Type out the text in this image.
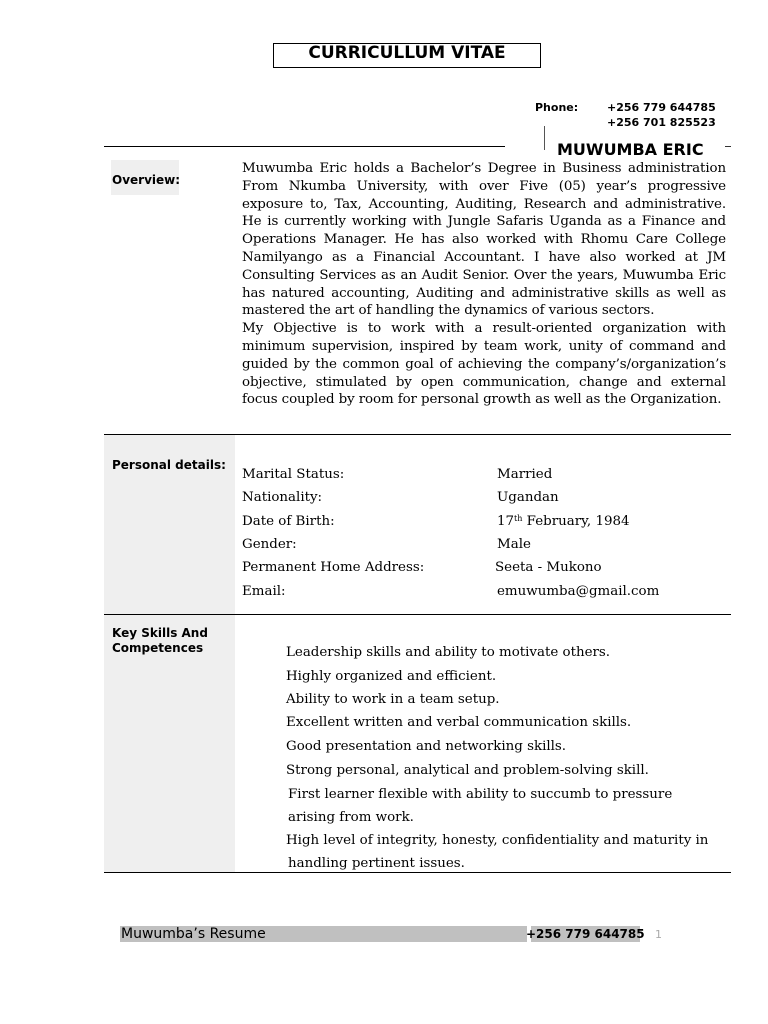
CURRICULLUM VITAE
Phone:	+256 779 644785
+256 701 825523
MUWUMBA ERIC
Overview:

Muwumba Eric holds a Bachelor’s Degree in Business administration From Nkumba University, with over Five (05) year’s progressive exposure to, Tax, Accounting, Auditing, Research and administrative. He is currently working with Jungle Safaris Uganda as a Finance and Operations Manager. He has also worked with Rhomu Care College Namilyango as a Financial Accountant. I have also worked at JM Consulting Services as an Audit Senior. Over the years, Muwumba Eric has natured accounting, Auditing and administrative skills as well as mastered the art of handling the dynamics of various sectors.

My Objective is to work with a result-oriented organization with minimum supervision, inspired by team work, unity of command and guided by the common goal of achieving the company’s/organization’s objective, stimulated by open communication, change and external focus coupled by room for personal growth as well as the Organization.

Personal details:
Marital Status:	Married
Nationality:	Ugandan
Date of Birth:	17th February, 1984
Gender:	Male
Permanent Home Address:	Seeta - Mukono
Email:	emuwumba@gmail.com
Key Skills And
Competences	Leadership skills and ability to motivate others.
Highly organized and efficient.
Ability to work in a team setup.
Excellent written and verbal communication skills.
Good presentation and networking skills.
Strong personal, analytical and problem-solving skill.
First learner flexible with ability to succumb to pressure
arising from work.
High level of integrity, honesty, confidentiality and maturity in
handling pertinent issues.
Muwumba’s Resume	+256 779 644785 1
